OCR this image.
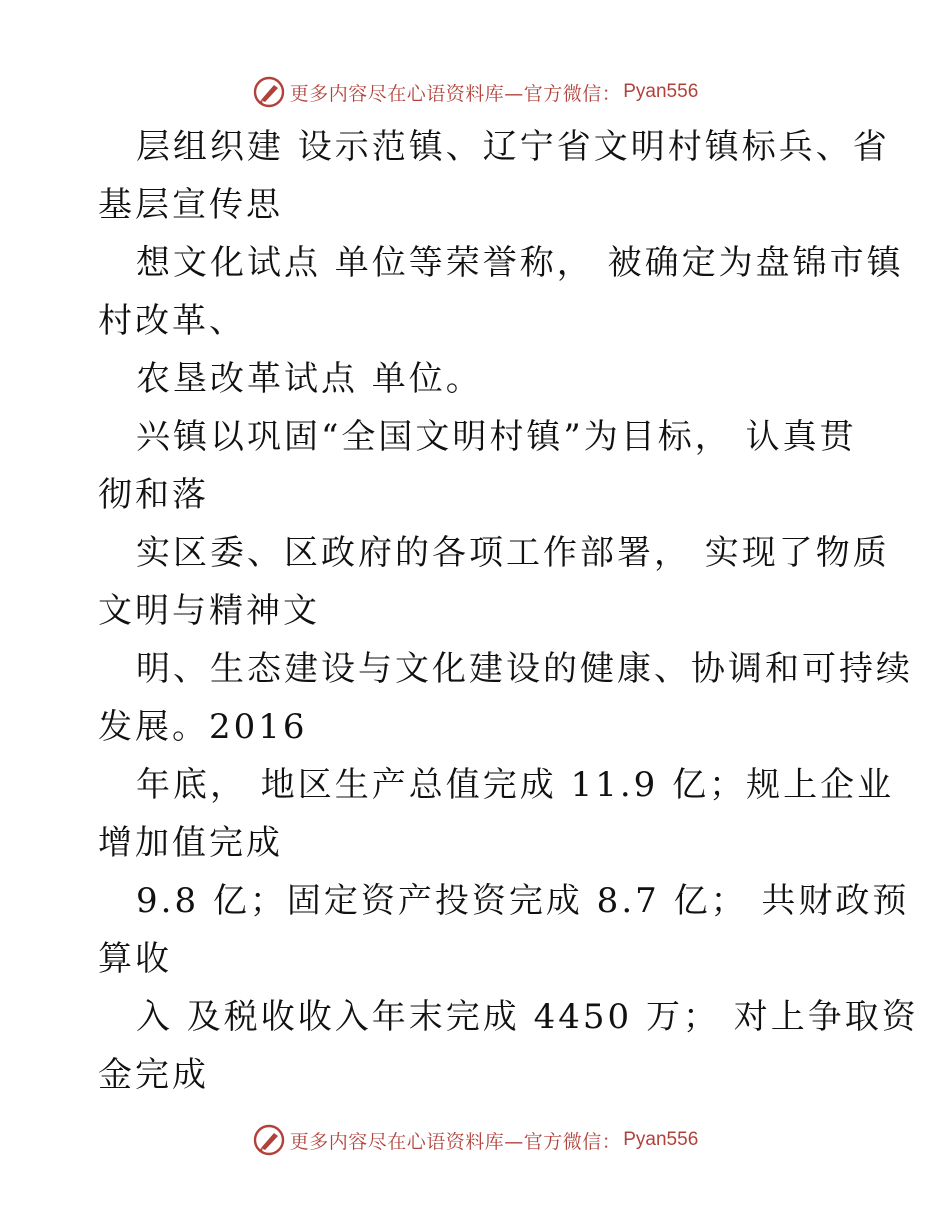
更多内容尽在心语资料库—官方微信： Pyan556
层组织建 设示范镇、辽宁省文明村镇标兵、省
基层宣传思
想文化试点 单位等荣誉称， 被确定为盘锦市镇
村改革、
农垦改革试点 单位。
兴镇以巩固“全国文明村镇”为目标， 认真贯
彻和落
实区委、区政府的各项工作部署， 实现了物质
文明与精神文
明、生态建设与文化建设的健康、协调和可持续
发展。2016
年底， 地区生产总值完成 11.9 亿；规上企业
增加值完成
9.8 亿；固定资产投资完成 8.7 亿； 共财政预
算收
入 及税收收入年末完成 4450 万； 对上争取资
金完成
更多内容尽在心语资料库—官方微信： Pyan556
